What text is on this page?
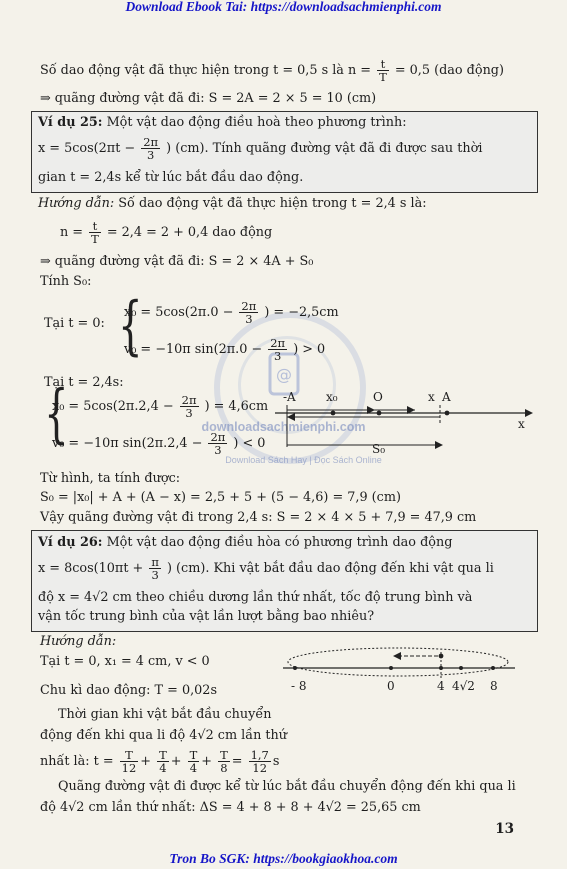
Download Ebook Tai: https://downloadsachmienphi.com
@
downloadsachmienphi.com
Download Sách Hay | Đọc Sách Online
Số dao động vật đã thực hiện trong t = 0,5 s là $n = \frac{t}{T} = 0,5$ (dao động)
⇒ quãng đường vật đã đi: S = 2A = 2 × 5 = 10 (cm)
Ví dụ 25: Một vật dao động điều hoà theo phương trình:
$x = 5\cos(2\pi t - \frac{2\pi}{3}$ ) (cm). Tính quãng đường vật đã đi được sau thời
gian t = 2,4s kể từ lúc bắt đầu dao động.
Hướng dẫn: Số dao động vật đã thực hiện trong t = 2,4 s là:
$n = \frac{t}{T} = 2,4 = 2 + 0,4$ dao động
⇒ quãng đường vật đã đi: S = 2 × 4A + S₀
Tính S₀:
Tại t = 0: {
$x_0 = 5\cos(2\pi.0 - \frac{2\pi}{3}$ ) = −2,5cm
v₀ = −10π $\sin(2\pi.0 - \frac{2\pi}{3}$ ) > 0
Tại t = 2,4s:
{
$x_0 = 5\cos(2\pi.2,4 - \frac{2\pi}{3}$ ) = 4,6cm
v₀ = −10π $\sin(2\pi.2,4 - \frac{2\pi}{3}$ ) < 0
-A	x₀	O	x A
x
S₀
Từ hình, ta tính được:
S₀ = |x₀| + A + (A − x) = 2,5 + 5 + (5 − 4,6) = 7,9 (cm)
Vậy quãng đường vật đi trong 2,4 s: S = 2 × 4 × 5 + 7,9 = 47,9 cm
Ví dụ 26: Một vật dao động điều hòa có phương trình dao động
$x = 8\cos(10\pi t + \frac{\pi}{3}$ ) (cm). Khi vật bắt đầu dao động đến khi vật qua li
độ x = 4√2 cm theo chiều dương lần thứ nhất, tốc độ trung bình và
vận tốc trung bình của vật lần lượt bằng bao nhiêu?
Hướng dẫn:
Tại t = 0, x₁ = 4 cm, v < 0
Chu kì dao động: T = 0,02s
Thời gian khi vật bắt đầu chuyển
động đến khi qua li độ 4√2 cm lần thứ
nhất là: $t = \frac{T}{12} + \frac{T}{4} + \frac{T}{4} + \frac{T}{8} = \frac{1,7}{12}$ s
- 8	0	4 4√2 8
Quãng đường vật đi được kể từ lúc bắt đầu chuyển động đến khi qua li
độ 4√2 cm lần thứ nhất: ΔS = 4 + 8 + 8 + 4√2 = 25,65 cm
13
Tron Bo SGK: https://bookgiaokhoa.com
